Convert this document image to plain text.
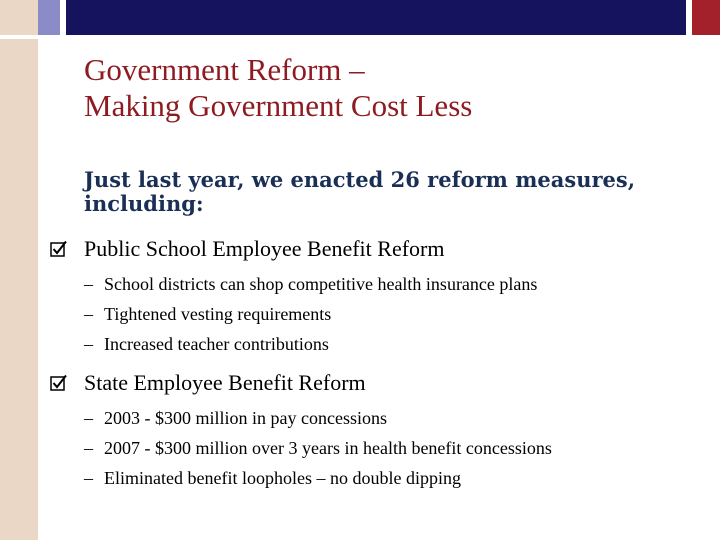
Government Reform –
Making Government Cost Less
Just last year, we enacted 26 reform measures, including:
Public School Employee Benefit Reform
– School districts can shop competitive health insurance plans
– Tightened vesting requirements
– Increased teacher contributions
State Employee Benefit Reform
– 2003 - $300 million in pay concessions
– 2007 - $300 million over 3 years in health benefit concessions
– Eliminated benefit loopholes – no double dipping
